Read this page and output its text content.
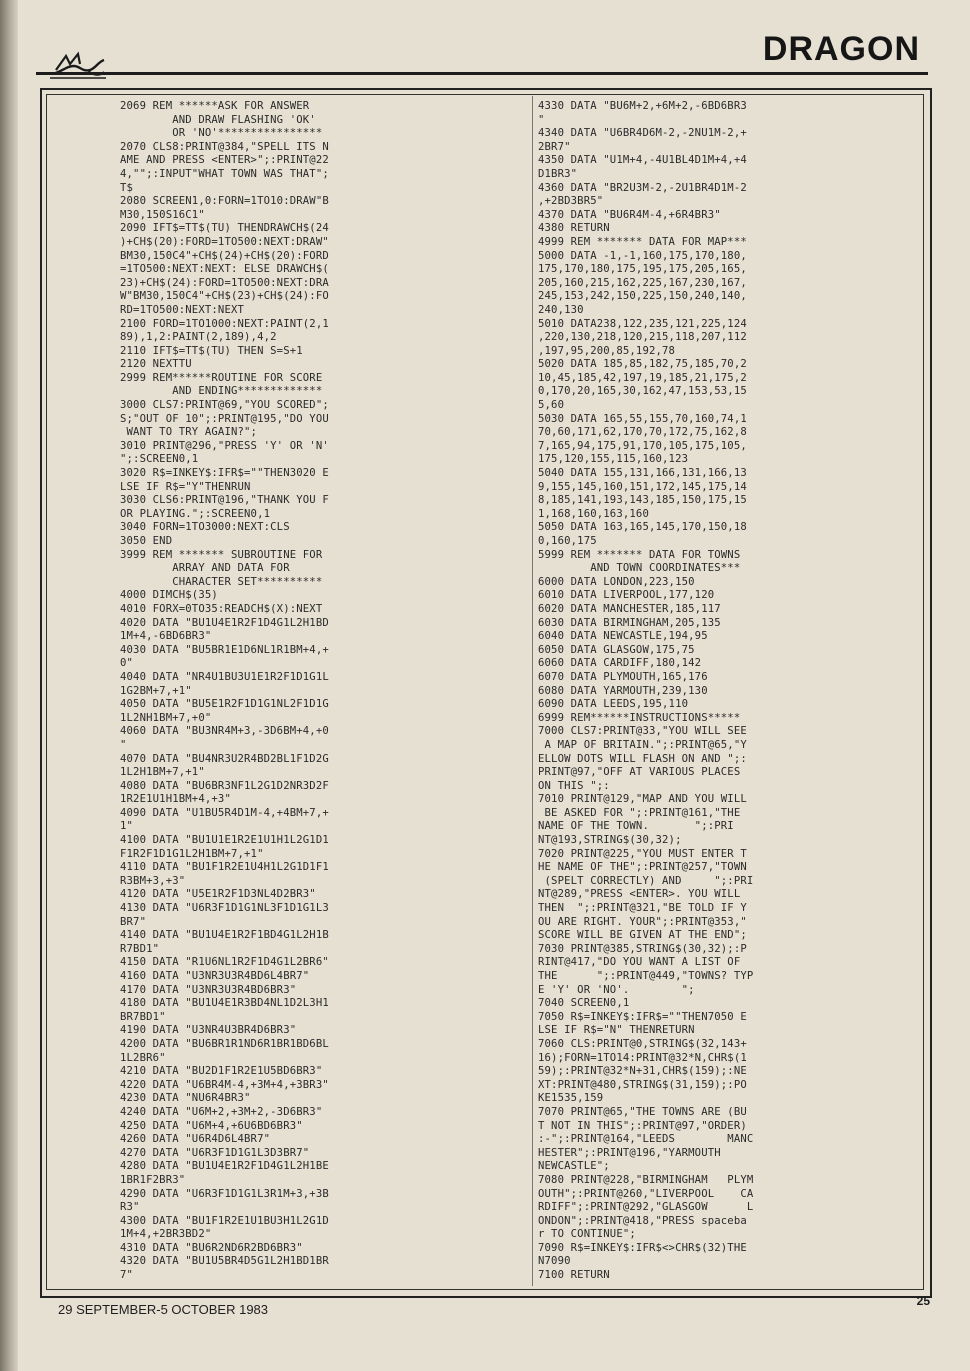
DRAGON
2069 REM ******ASK FOR ANSWER
AND DRAW FLASHING 'OK'
OR 'NO'****************
2070 CLS8:PRINT@384,"SPELL ITS N
AME AND PRESS <ENTER>";:PRINT@22
4,"";:INPUT"WHAT TOWN WAS THAT";
T$
2080 SCREEN1,0:FORN=1TO10:DRAW"B
M30,150S16C1"
2090 IFT$=TT$(TU) THENDRAWCH$(24
)+CH$(20):FORD=1TO500:NEXT:DRAW"
BM30,150C4"+CH$(24)+CH$(20):FORD
=1TO500:NEXT:NEXT: ELSE DRAWCH$(
23)+CH$(24):FORD=1TO500:NEXT:DRA
W"BM30,150C4"+CH$(23)+CH$(24):FO
RD=1TO500:NEXT:NEXT
2100 FORD=1TO1000:NEXT:PAINT(2,1
89),1,2:PAINT(2,189),4,2
2110 IFT$=TT$(TU) THEN S=S+1
2120 NEXTTU
2999 REM******ROUTINE FOR SCORE
AND ENDING*************
3000 CLS7:PRINT@69,"YOU SCORED";
S;"OUT OF 10";:PRINT@195,"DO YOU
WANT TO TRY AGAIN?";
3010 PRINT@296,"PRESS 'Y' OR 'N'
";:SCREEN0,1
3020 R$=INKEY$:IFR$=""THEN3020 E
LSE IF R$="Y"THENRUN
3030 CLS6:PRINT@196,"THANK YOU F
OR PLAYING.";:SCREEN0,1
3040 FORN=1TO3000:NEXT:CLS
3050 END
3999 REM ******* SUBROUTINE FOR
ARRAY AND DATA FOR
CHARACTER SET**********
4000 DIMCH$(35)
4010 FORX=0TO35:READCH$(X):NEXT
4020 DATA "BU1U4E1R2F1D4G1L2H1BD
1M+4,-6BD6BR3"
4030 DATA "BU5BR1E1D6NL1R1BM+4,+
0"
4040 DATA "NR4U1BU3U1E1R2F1D1G1L
1G2BM+7,+1"
4050 DATA "BU5E1R2F1D1G1NL2F1D1G
1L2NH1BM+7,+0"
4060 DATA "BU3NR4M+3,-3D6BM+4,+0
"
4070 DATA "BU4NR3U2R4BD2BL1F1D2G
1L2H1BM+7,+1"
4080 DATA "BU6BR3NF1L2G1D2NR3D2F
1R2E1U1H1BM+4,+3"
4090 DATA "U1BU5R4D1M-4,+4BM+7,+
1"
4100 DATA "BU1U1E1R2E1U1H1L2G1D1
F1R2F1D1G1L2H1BM+7,+1"
4110 DATA "BU1F1R2E1U4H1L2G1D1F1
R3BM+3,+3"
4120 DATA "U5E1R2F1D3NL4D2BR3"
4130 DATA "U6R3F1D1G1NL3F1D1G1L3
BR7"
4140 DATA "BU1U4E1R2F1BD4G1L2H1B
R7BD1"
4150 DATA "R1U6NL1R2F1D4G1L2BR6"
4160 DATA "U3NR3U3R4BD6L4BR7"
4170 DATA "U3NR3U3R4BD6BR3"
4180 DATA "BU1U4E1R3BD4NL1D2L3H1
BR7BD1"
4190 DATA "U3NR4U3BR4D6BR3"
4200 DATA "BU6BR1R1ND6R1BR1BD6BL
1L2BR6"
4210 DATA "BU2D1F1R2E1U5BD6BR3"
4220 DATA "U6BR4M-4,+3M+4,+3BR3"
4230 DATA "NU6R4BR3"
4240 DATA "U6M+2,+3M+2,-3D6BR3"
4250 DATA "U6M+4,+6U6BD6BR3"
4260 DATA "U6R4D6L4BR7"
4270 DATA "U6R3F1D1G1L3D3BR7"
4280 DATA "BU1U4E1R2F1D4G1L2H1BE
1BR1F2BR3"
4290 DATA "U6R3F1D1G1L3R1M+3,+3B
R3"
4300 DATA "BU1F1R2E1U1BU3H1L2G1D
1M+4,+2BR3BD2"
4310 DATA "BU6R2ND6R2BD6BR3"
4320 DATA "BU1U5BR4D5G1L2H1BD1BR
7"
4330 DATA "BU6M+2,+6M+2,-6BD6BR3
"
4340 DATA "U6BR4D6M-2,-2NU1M-2,+
2BR7"
4350 DATA "U1M+4,-4U1BL4D1M+4,+4
D1BR3"
4360 DATA "BR2U3M-2,-2U1BR4D1M-2
,+2BD3BR5"
4370 DATA "BU6R4M-4,+6R4BR3"
4380 RETURN
4999 REM ******* DATA FOR MAP***
5000 DATA -1,-1,160,175,170,180,
175,170,180,175,195,175,205,165,
205,160,215,162,225,167,230,167,
245,153,242,150,225,150,240,140,
240,130
5010 DATA238,122,235,121,225,124
,220,130,218,120,215,118,207,112
,197,95,200,85,192,78
5020 DATA 185,85,182,75,185,70,2
10,45,185,42,197,19,185,21,175,2
0,170,20,165,30,162,47,153,53,15
5,60
5030 DATA 165,55,155,70,160,74,1
70,60,171,62,170,70,172,75,162,8
7,165,94,175,91,170,105,175,105,
175,120,155,115,160,123
5040 DATA 155,131,166,131,166,13
9,155,145,160,151,172,145,175,14
8,185,141,193,143,185,150,175,15
1,168,160,163,160
5050 DATA 163,165,145,170,150,18
0,160,175
5999 REM ******* DATA FOR TOWNS
AND TOWN COORDINATES***
6000 DATA LONDON,223,150
6010 DATA LIVERPOOL,177,120
6020 DATA MANCHESTER,185,117
6030 DATA BIRMINGHAM,205,135
6040 DATA NEWCASTLE,194,95
6050 DATA GLASGOW,175,75
6060 DATA CARDIFF,180,142
6070 DATA PLYMOUTH,165,176
6080 DATA YARMOUTH,239,130
6090 DATA LEEDS,195,110
6999 REM******INSTRUCTIONS*****
7000 CLS7:PRINT@33,"YOU WILL SEE
A MAP OF BRITAIN.";:PRINT@65,"Y
ELLOW DOTS WILL FLASH ON AND ";:
PRINT@97,"OFF AT VARIOUS PLACES
ON THIS ";:
7010 PRINT@129,"MAP AND YOU WILL
BE ASKED FOR ";:PRINT@161,"THE
NAME OF THE TOWN.       ";:PRI
NT@193,STRING$(30,32);
7020 PRINT@225,"YOU MUST ENTER T
HE NAME OF THE";:PRINT@257,"TOWN
(SPELT CORRECTLY) AND     ";:PRI
NT@289,"PRESS <ENTER>. YOU WILL
THEN  ";:PRINT@321,"BE TOLD IF Y
OU ARE RIGHT. YOUR";:PRINT@353,"
SCORE WILL BE GIVEN AT THE END";
7030 PRINT@385,STRING$(30,32);:P
RINT@417,"DO YOU WANT A LIST OF
THE      ";:PRINT@449,"TOWNS? TYP
E 'Y' OR 'NO'.        ";
7040 SCREEN0,1
7050 R$=INKEY$:IFR$=""THEN7050 E
LSE IF R$="N" THENRETURN
7060 CLS:PRINT@0,STRING$(32,143+
16);FORN=1TO14:PRINT@32*N,CHR$(1
59);:PRINT@32*N+31,CHR$(159);:NE
XT:PRINT@480,STRING$(31,159);:PO
KE1535,159
7070 PRINT@65,"THE TOWNS ARE (BU
T NOT IN THIS";:PRINT@97,"ORDER)
:-";:PRINT@164,"LEEDS        MANC
HESTER";:PRINT@196,"YARMOUTH
NEWCASTLE";
7080 PRINT@228,"BIRMINGHAM   PLYM
OUTH";:PRINT@260,"LIVERPOOL    CA
RDIFF";:PRINT@292,"GLASGOW      L
ONDON";:PRINT@418,"PRESS spaceba
r TO CONTINUE";
7090 R$=INKEY$:IFR$<>CHR$(32)THE
N7090
7100 RETURN
29 SEPTEMBER-5 OCTOBER 1983
25
